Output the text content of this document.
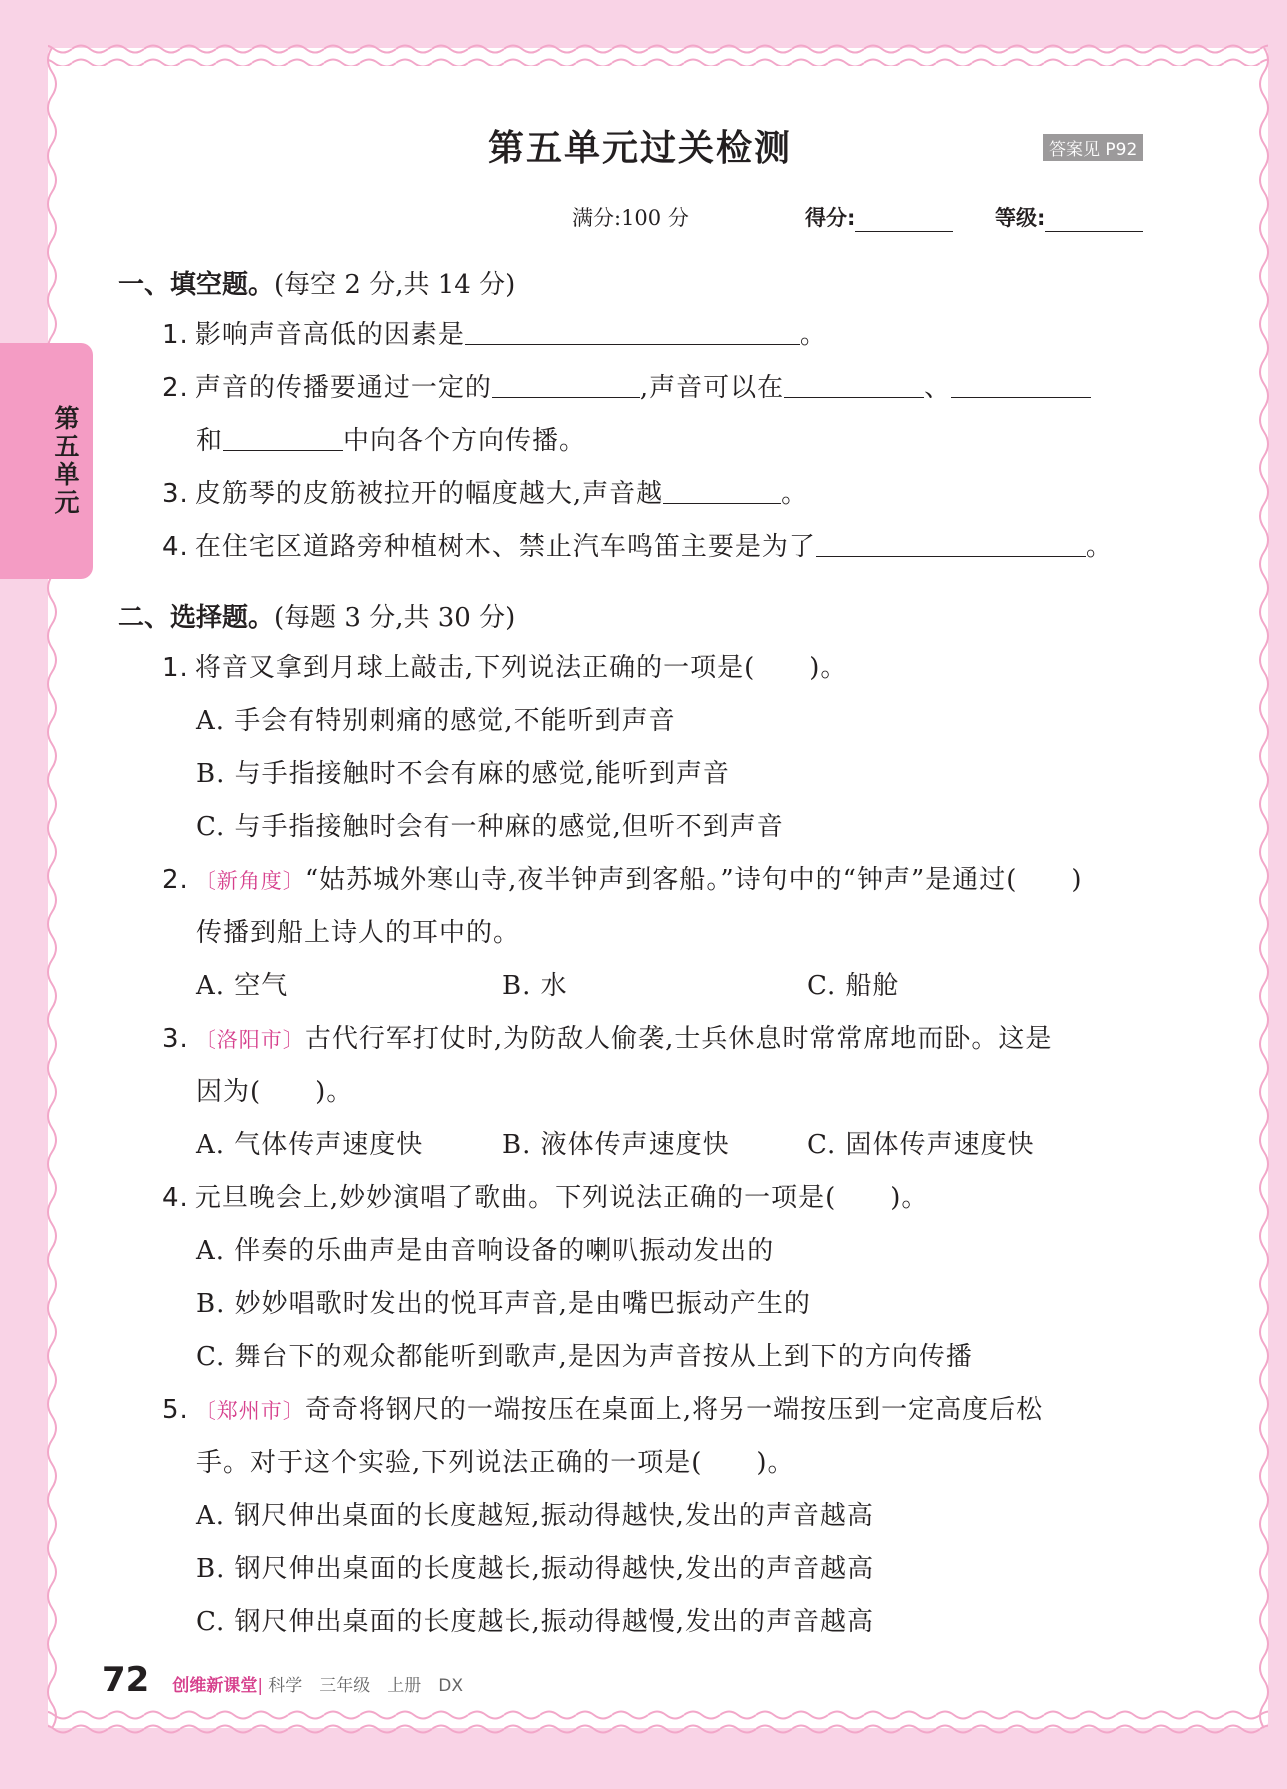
第五单元
第五单元过关检测	答案见 P92
满分:100 分	得分:	等级:
一、填空题。(每空 2 分,共 14 分)
1. 影响声音高低的因素是	。
2. 声音的传播要通过一定的	,声音可以在	、
和	中向各个方向传播。
3. 皮筋琴的皮筋被拉开的幅度越大,声音越	。
4. 在住宅区道路旁种植树木、禁止汽车鸣笛主要是为了	。
二、选择题。(每题 3 分,共 30 分)
1. 将音叉拿到月球上敲击,下列说法正确的一项是(　　)。
A. 手会有特别刺痛的感觉,不能听到声音
B. 与手指接触时不会有麻的感觉,能听到声音
C. 与手指接触时会有一种麻的感觉,但听不到声音
2. 〔新角度〕“姑苏城外寒山寺,夜半钟声到客船。”诗句中的“钟声”是通过(　　)
传播到船上诗人的耳中的。
A. 空气	B. 水	C. 船舱
3. 〔洛阳市〕古代行军打仗时,为防敌人偷袭,士兵休息时常常席地而卧。这是
因为(　　)。
A. 气体传声速度快	B. 液体传声速度快	C. 固体传声速度快
4. 元旦晚会上,妙妙演唱了歌曲。下列说法正确的一项是(　　)。
A. 伴奏的乐曲声是由音响设备的喇叭振动发出的
B. 妙妙唱歌时发出的悦耳声音,是由嘴巴振动产生的
C. 舞台下的观众都能听到歌声,是因为声音按从上到下的方向传播
5. 〔郑州市〕奇奇将钢尺的一端按压在桌面上,将另一端按压到一定高度后松
手。对于这个实验,下列说法正确的一项是(　　)。
A. 钢尺伸出桌面的长度越短,振动得越快,发出的声音越高
B. 钢尺伸出桌面的长度越长,振动得越快,发出的声音越高
C. 钢尺伸出桌面的长度越长,振动得越慢,发出的声音越高
72 创维新课堂| 科学　三年级　上册　DX
